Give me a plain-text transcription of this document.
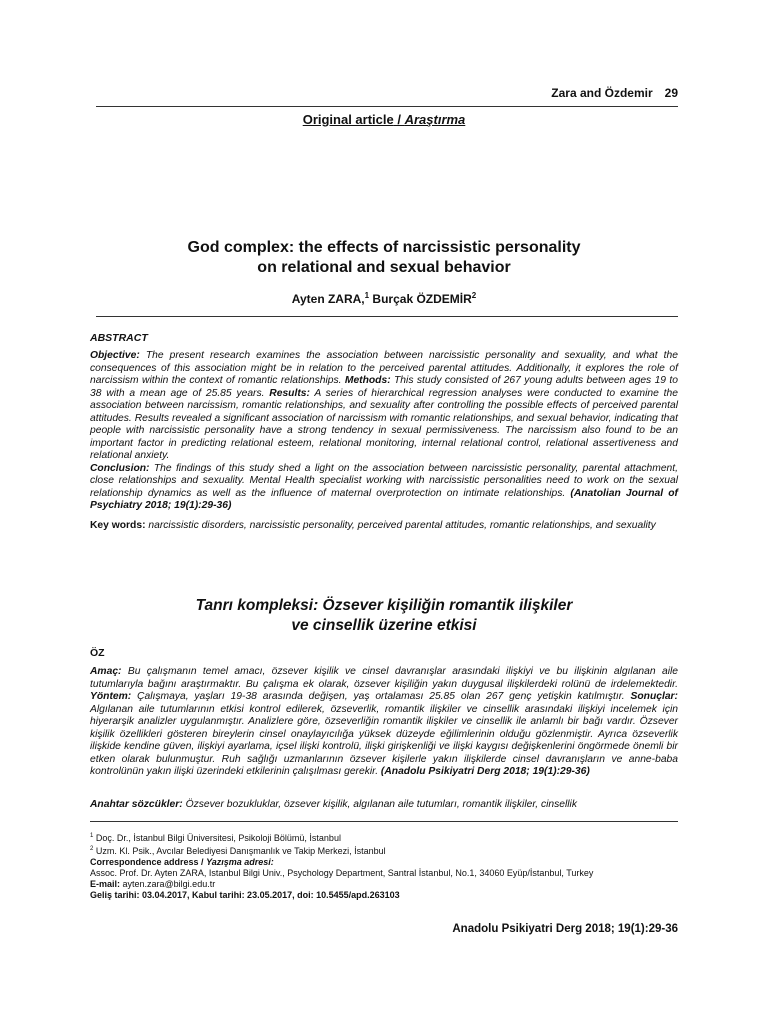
Zara and Özdemir 29
Original article / Araştırma
God complex: the effects of narcissistic personality
on relational and sexual behavior
Ayten ZARA,$^1$ Burçak ÖZDEMİR$^2$
ABSTRACT
Objective: The present research examines the association between narcissistic personality and sexuality, and what the consequences of this association might be in relation to the perceived parental attitudes. Additionally, it explores the role of narcissism within the context of romantic relationships. Methods: This study consisted of 267 young adults between ages 19 to 38 with a mean age of 25.85 years. Results: A series of hierarchical regression analyses were conducted to examine the association between narcissism, romantic relationships, and sexuality after controlling the possible effects of perceived parental attitudes. Results revealed a significant association of narcissism with romantic relationships, and sexual behavior, indicating that people with narcissistic personality have a strong tendency in sexual permissiveness. The narcissism also found to be an important factor in predicting relational esteem, relational monitoring, internal relational control, relational assertiveness and relational anxiety.
Conclusion: The findings of this study shed a light on the association between narcissistic personality, parental attachment, close relationships and sexuality. Mental Health specialist working with narcissistic personalities need to work on the sexual relationship dynamics as well as the influence of maternal overprotection on intimate relationships. (Anatolian Journal of Psychiatry 2018; 19(1):29-36)
Key words: narcissistic disorders, narcissistic personality, perceived parental attitudes, romantic relationships, and sexuality
Tanrı kompleksi: Özsever kişiliğin romantik ilişkiler
ve cinsellik üzerine etkisi
ÖZ
Amaç: Bu çalışmanın temel amacı, özsever kişilik ve cinsel davranışlar arasındaki ilişkiyi ve bu ilişkinin algılanan aile tutumlarıyla bağını araştırmaktır. Bu çalışma ek olarak, özsever kişiliğin yakın duygusal ilişkilerdeki rolünü de irdelemektedir. Yöntem: Çalışmaya, yaşları 19-38 arasında değişen, yaş ortalaması 25.85 olan 267 genç yetişkin katılmıştır. Sonuçlar: Algılanan aile tutumlarının etkisi kontrol edilerek, özseverlik, romantik ilişkiler ve cinsellik arasındaki ilişkiyi incelemek için hiyerarşik analizler uygulanmıştır. Analizlere göre, özseverliğin romantik ilişkiler ve cinsellik ile anlamlı bir bağı vardır. Özsever kişilik özellikleri gösteren bireylerin cinsel onaylayıcılığa yüksek düzeyde eğilimlerinin olduğu gözlenmiştir. Ayrıca özseverlik ilişkide kendine güven, ilişkiyi ayarlama, içsel ilişki kontrolü, ilişki girişkenliği ve ilişki kaygısı değişkenlerini öngörmede önemli bir etken olarak bulunmuştur. Ruh sağlığı uzmanlarının özsever kişilerle yakın ilişkilerde cinsel davranışların ve anne-baba kontrolünün yakın ilişki üzerindeki etkilerinin çalışılması gerekir. (Anadolu Psikiyatri Derg 2018; 19(1):29-36)
Anahtar sözcükler: Özsever bozukluklar, özsever kişilik, algılanan aile tutumları, romantik ilişkiler, cinsellik
$^1$ Doç. Dr., İstanbul Bilgi Üniversitesi, Psikoloji Bölümü, İstanbul
$^2$ Uzm. Kl. Psik., Avcılar Belediyesi Danışmanlık ve Takip Merkezi, İstanbul
Correspondence address / Yazışma adresi:
Assoc. Prof. Dr. Ayten ZARA, Istanbul Bilgi Univ., Psychology Department, Santral İstanbul, No.1, 34060 Eyüp/İstanbul, Turkey
E-mail: ayten.zara@bilgi.edu.tr
Geliş tarihi: 03.04.2017, Kabul tarihi: 23.05.2017, doi: 10.5455/apd.263103
Anadolu Psikiyatri Derg 2018; 19(1):29-36
